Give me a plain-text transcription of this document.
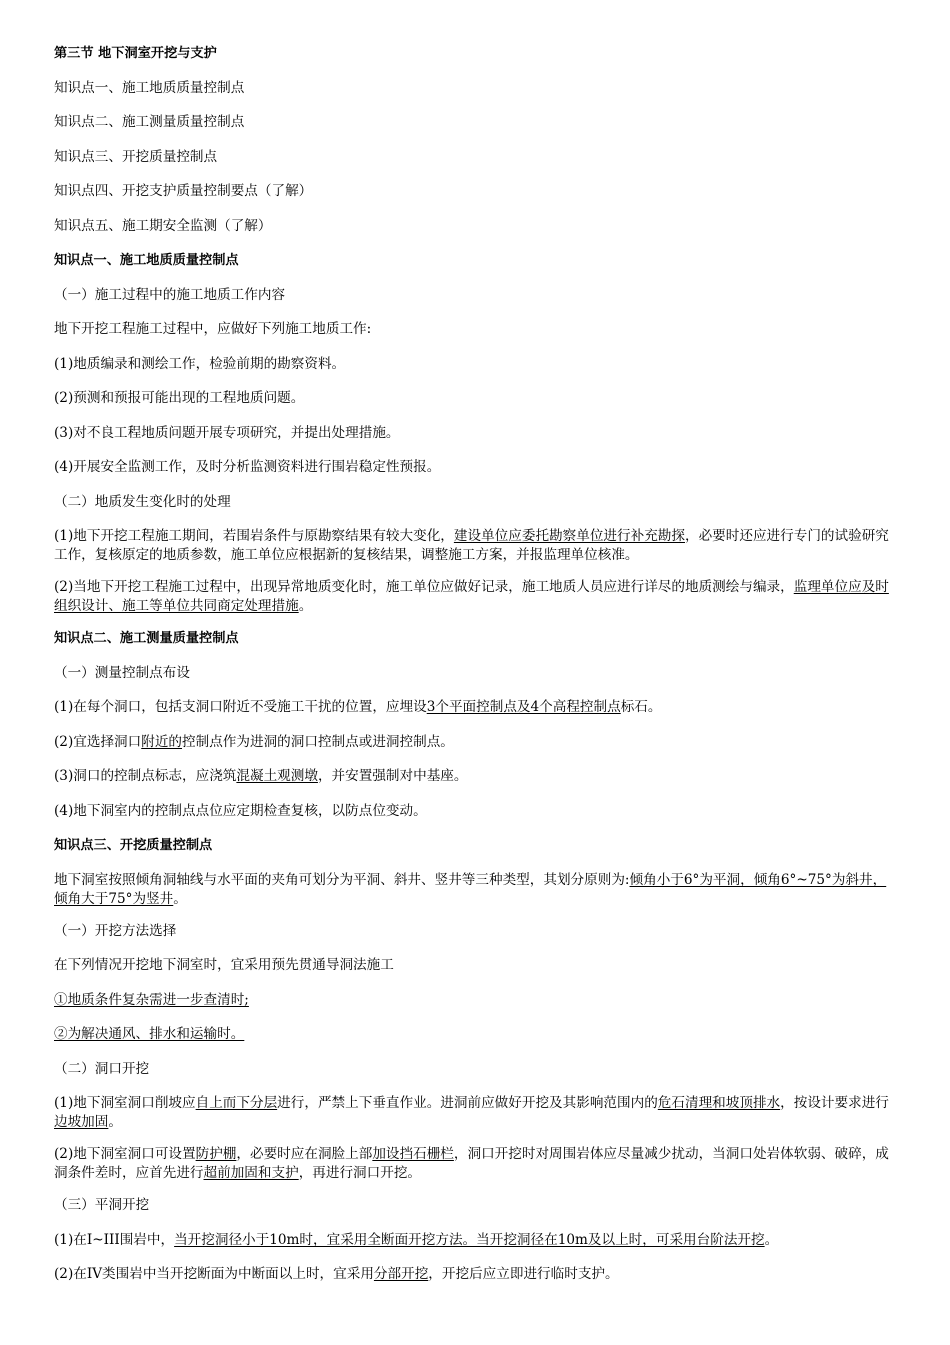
第三节 地下洞室开挖与支护

知识点一、施工地质质量控制点

知识点二、施工测量质量控制点

知识点三、开挖质量控制点

知识点四、开挖支护质量控制要点（了解）

知识点五、施工期安全监测（了解）

知识点一、施工地质质量控制点

（一）施工过程中的施工地质工作内容

地下开挖工程施工过程中，应做好下列施工地质工作:

(1)地质编录和测绘工作，检验前期的勘察资料。

(2)预测和预报可能出现的工程地质问题。

(3)对不良工程地质问题开展专项研究，并提出处理措施。

(4)开展安全监测工作，及时分析监测资料进行围岩稳定性预报。

（二）地质发生变化时的处理

(1)地下开挖工程施工期间，若围岩条件与原勘察结果有较大变化，建设单位应委托勘察单位进行补充勘探，必要时还应进行专门的试验研究工作，复核原定的地质参数，施工单位应根据新的复核结果，调整施工方案，并报监理单位核准。

(2)当地下开挖工程施工过程中，出现异常地质变化时，施工单位应做好记录，施工地质人员应进行详尽的地质测绘与编录，监理单位应及时组织设计、施工等单位共同商定处理措施。

知识点二、施工测量质量控制点

（一）测量控制点布设

(1)在每个洞口，包括支洞口附近不受施工干扰的位置，应埋设3个平面控制点及4个高程控制点标石。

(2)宜选择洞口附近的控制点作为进洞的洞口控制点或进洞控制点。

(3)洞口的控制点标志，应浇筑混凝土观测墩，并安置强制对中基座。

(4)地下洞室内的控制点点位应定期检查复核，以防点位变动。

知识点三、开挖质量控制点

地下洞室按照倾角洞轴线与水平面的夹角可划分为平洞、斜井、竖井等三种类型，其划分原则为:倾角小于6°为平洞，倾角6°~75°为斜井，倾角大于75°为竖井。

（一）开挖方法选择

在下列情况开挖地下洞室时，宜采用预先贯通导洞法施工

①地质条件复杂需进一步查清时;

②为解决通风、排水和运输时。

（二）洞口开挖

(1)地下洞室洞口削坡应自上而下分层进行，严禁上下垂直作业。进洞前应做好开挖及其影响范围内的危石清理和坡顶排水，按设计要求进行边坡加固。

(2)地下洞室洞口可设置防护棚，必要时应在洞脸上部加设挡石栅栏，洞口开挖时对周围岩体应尽量减少扰动，当洞口处岩体软弱、破碎，成洞条件差时，应首先进行超前加固和支护，再进行洞口开挖。

（三）平洞开挖

(1)在I~III围岩中，当开挖洞径小于10m时，宜采用全断面开挖方法。当开挖洞径在10m及以上时，可采用台阶法开挖。

(2)在IV类围岩中当开挖断面为中断面以上时，宜采用分部开挖，开挖后应立即进行临时支护。
